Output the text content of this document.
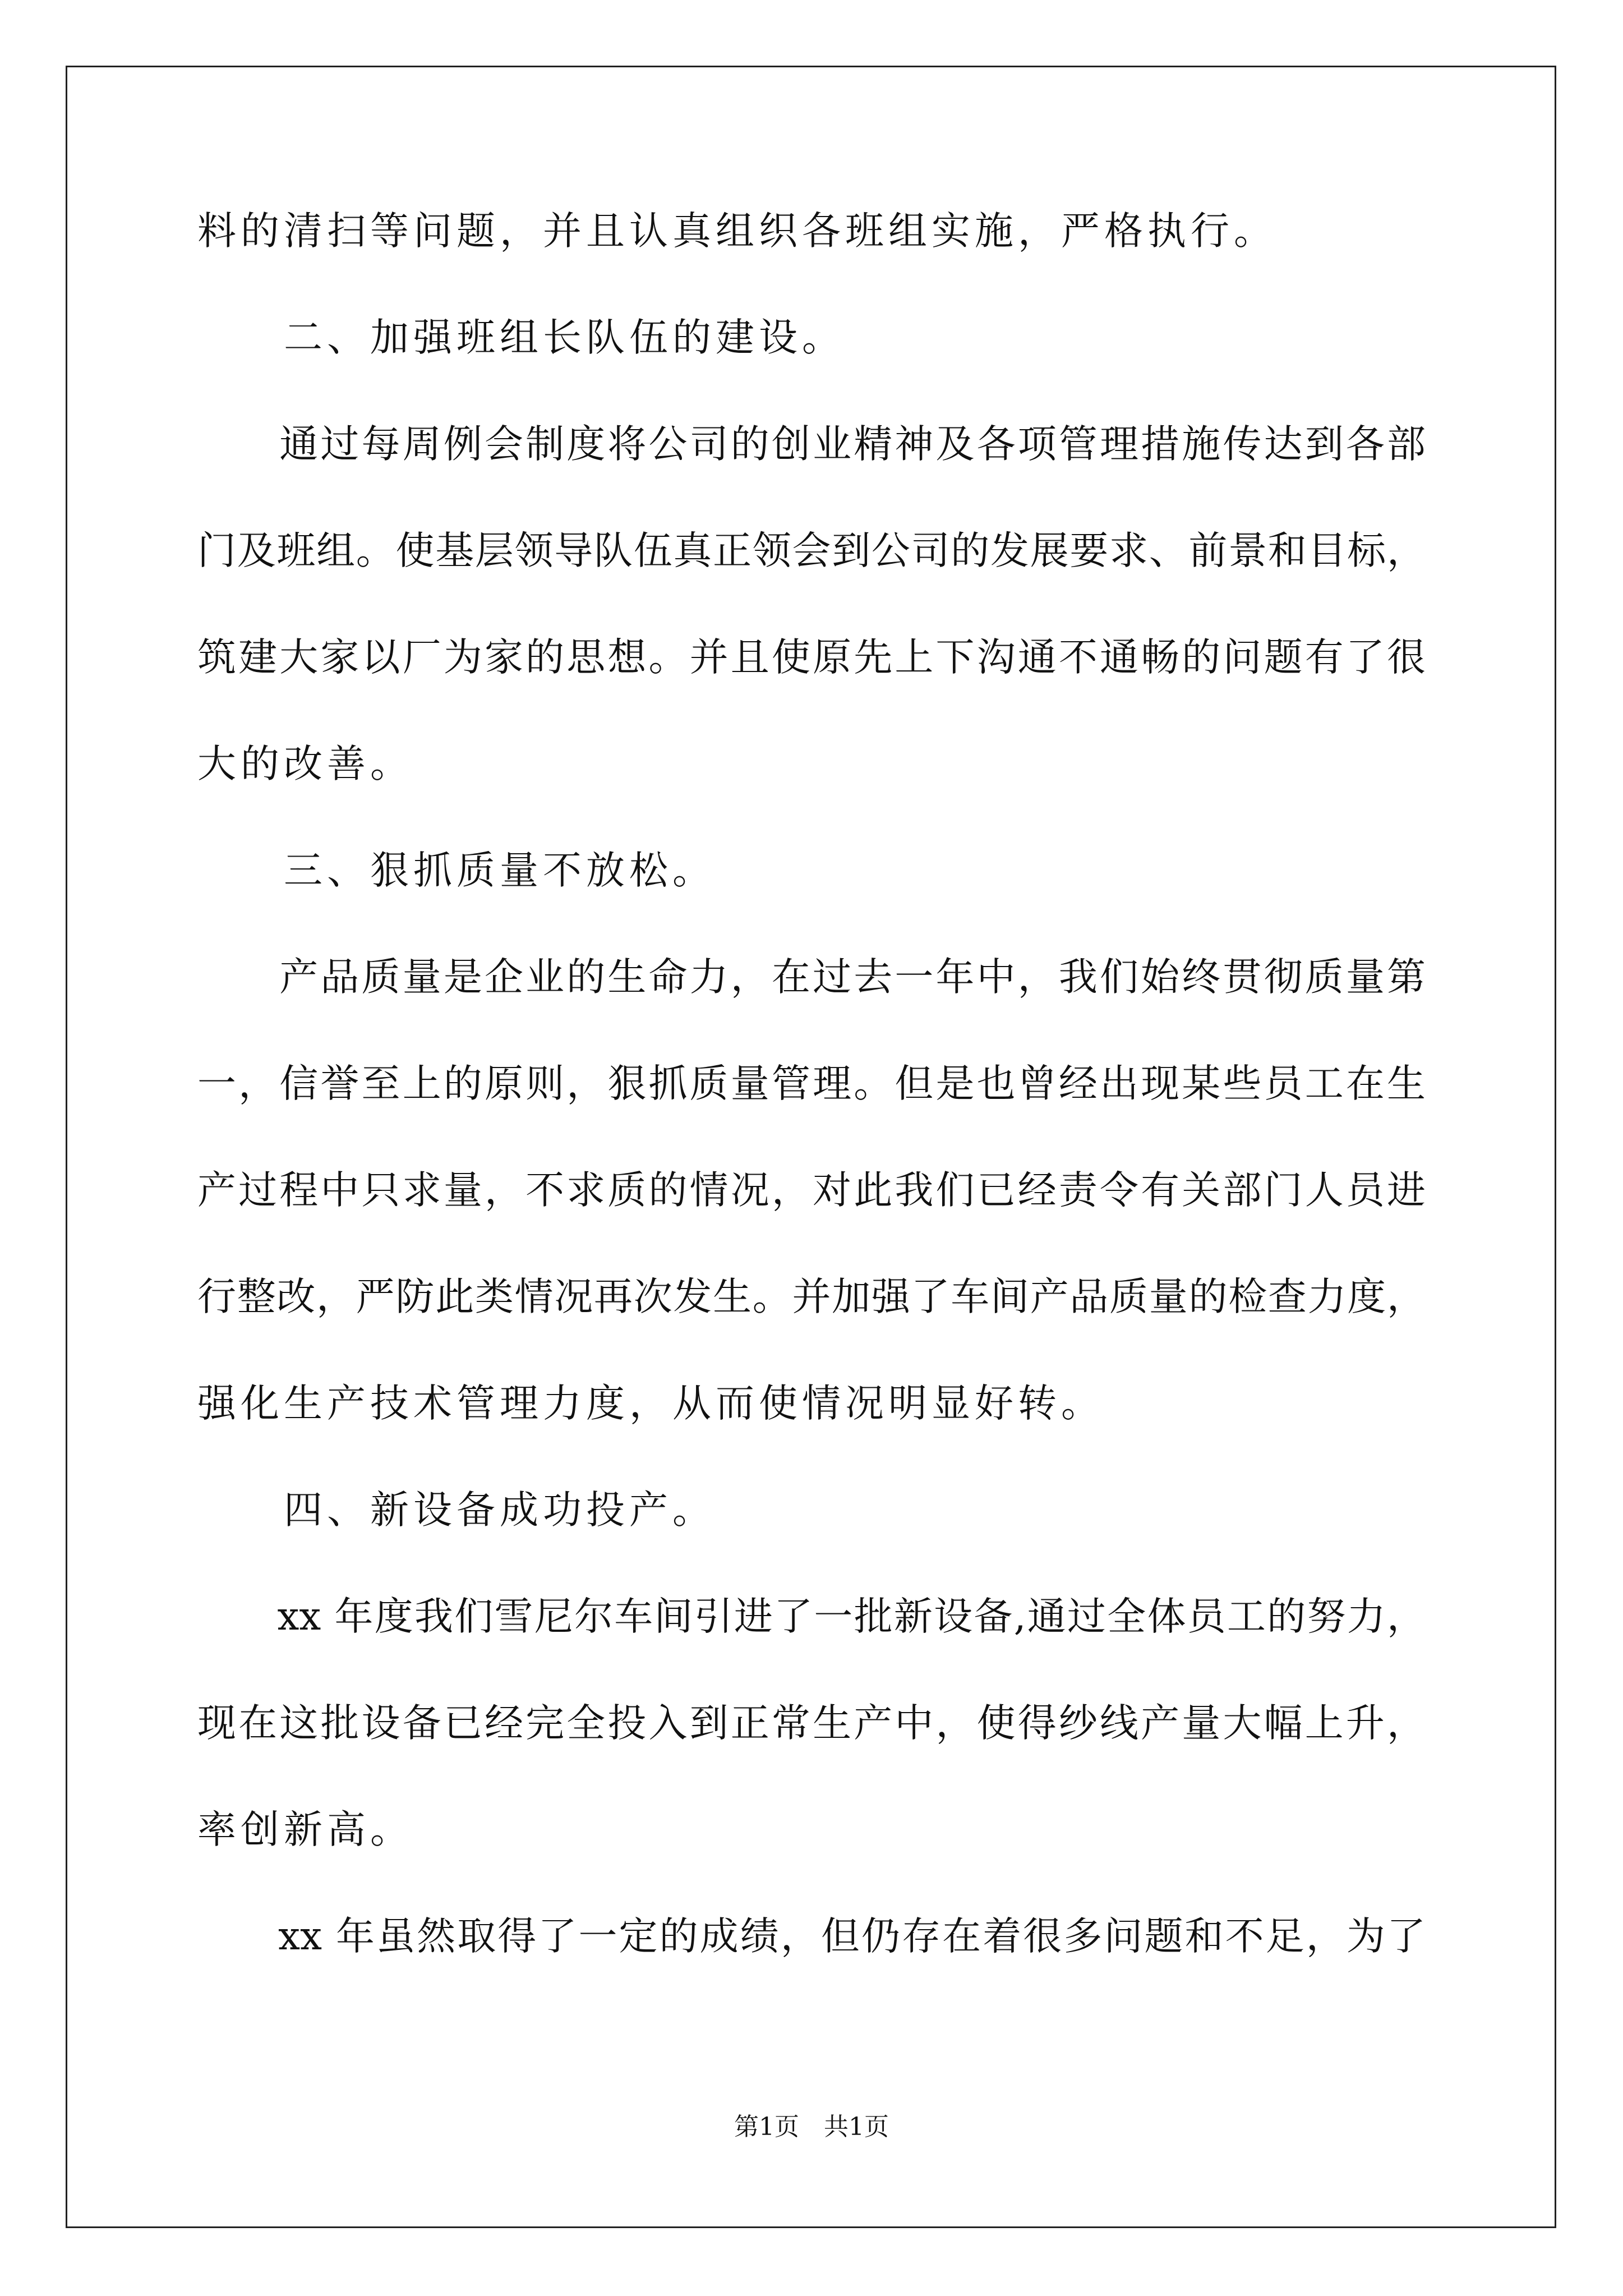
料的清扫等问题，并且认真组织各班组实施，严格执行。
　　二、加强班组长队伍的建设。
　　通过每周例会制度将公司的创业精神及各项管理措施传达到各部
门及班组。使基层领导队伍真正领会到公司的发展要求、前景和目标，
筑建大家以厂为家的思想。并且使原先上下沟通不通畅的问题有了很
大的改善。
　　三、狠抓质量不放松。
　　产品质量是企业的生命力，在过去一年中，我们始终贯彻质量第
一，信誉至上的原则，狠抓质量管理。但是也曾经出现某些员工在生
产过程中只求量，不求质的情况，对此我们已经责令有关部门人员进
行整改，严防此类情况再次发生。并加强了车间产品质量的检查力度，
强化生产技术管理力度，从而使情况明显好转。
　　四、新设备成功投产。
　　xx 年度我们雪尼尔车间引进了一批新设备,通过全体员工的努力，
现在这批设备已经完全投入到正常生产中，使得纱线产量大幅上升，
率创新高。
　　xx 年虽然取得了一定的成绩，但仍存在着很多问题和不足，为了
第1页 共1页
